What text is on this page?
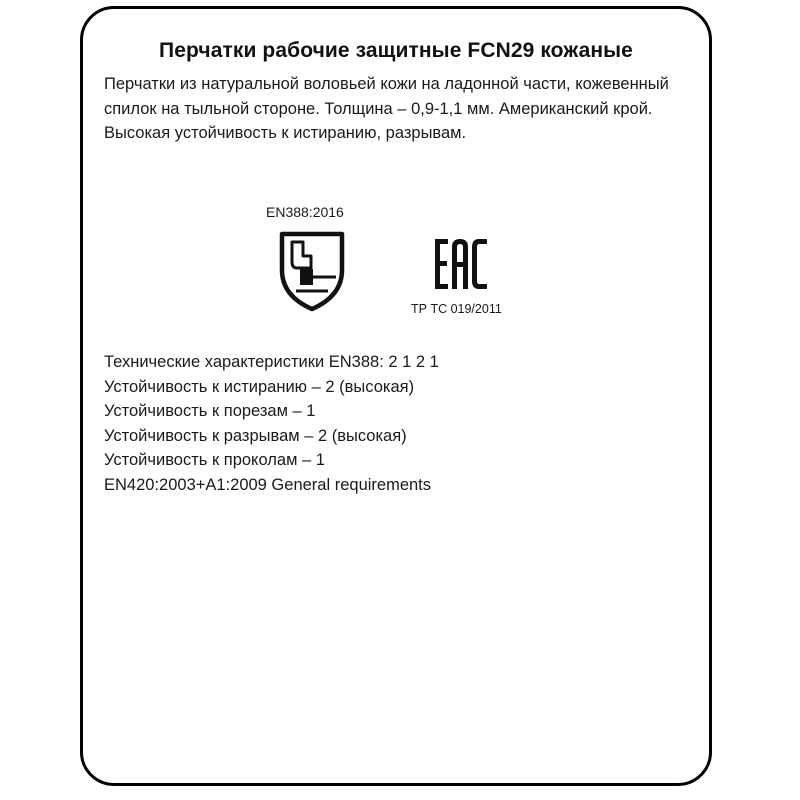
Перчатки рабочие защитные FCN29 кожаные

Перчатки из натуральной воловьей кожи на ладонной части, кожевенный спилок на тыльной стороне. Толщина – 0,9-1,1 мм. Американский крой. Высокая устойчивость к истиранию, разрывам.

EN388:2016
ТР ТС 019/2011
Технические характеристики EN388: 2 1 2 1
Устойчивость к истиранию – 2 (высокая)
Устойчивость к порезам – 1
Устойчивость к разрывам – 2 (высокая)
Устойчивость к проколам – 1
EN420:2003+A1:2009 General requirements
